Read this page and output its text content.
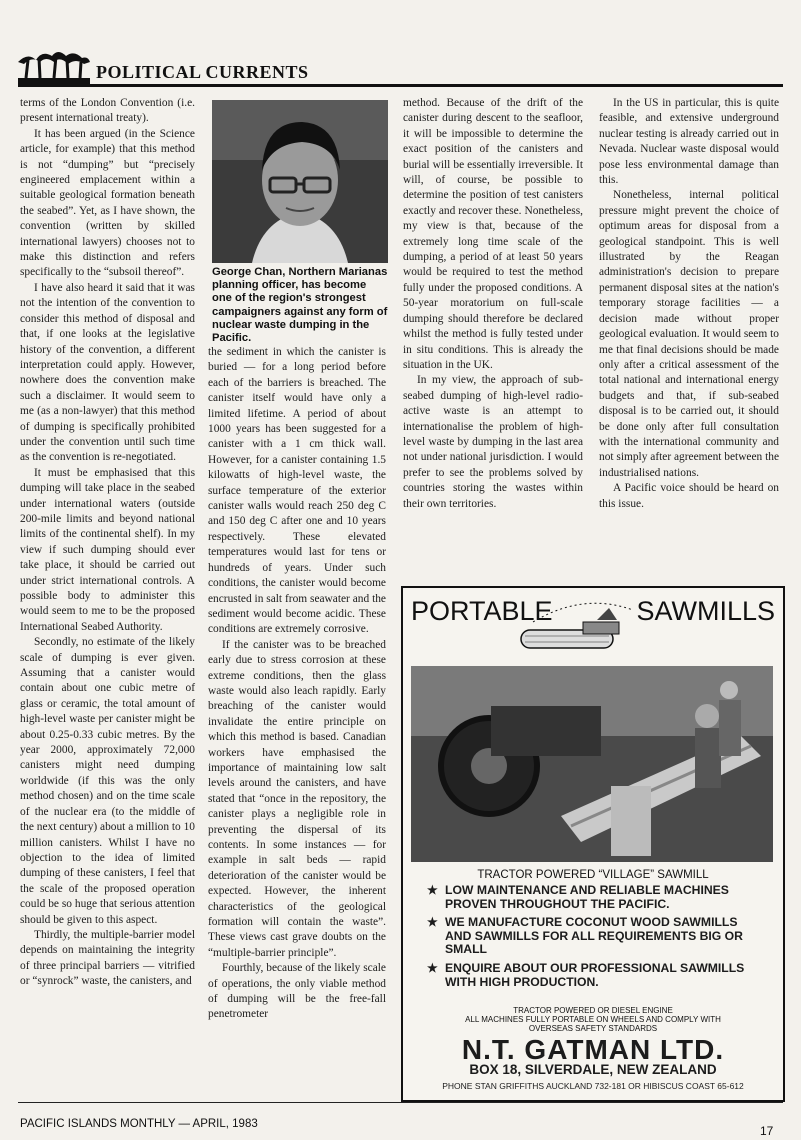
POLITICAL CURRENTS

terms of the London Convention (i.e. present international treaty).

It has been argued (in the Science article, for example) that this method is not “dumping” but “precisely engineered emplacement within a suitable geological formation beneath the seabed”. Yet, as I have shown, the convention (written by skilled international lawyers) chooses not to make this distinction and refers specifically to the “subsoil thereof”.

I have also heard it said that it was not the intention of the convention to consider this method of disposal and that, if one looks at the legislative history of the convention, a different interpretation could apply. However, nowhere does the convention make such a disclaimer. It would seem to me (as a non-lawyer) that this method of dumping is specifically prohibited under the convention until such time as the convention is re-negotiated.

It must be emphasised that this dumping will take place in the seabed under international waters (outside 200-mile limits and beyond national limits of the continental shelf). In my view if such dumping should ever take place, it should be carried out under strict international controls. A possible body to administer this would seem to me to be the proposed International Seabed Authority.

Secondly, no estimate of the likely scale of dumping is ever given. Assuming that a canister would contain about one cubic metre of glass or ceramic, the total amount of high-level waste per canister might be about 0.25-0.33 cubic metres. By the year 2000, approximately 72,000 canisters might need dumping worldwide (if this was the only method chosen) and on the time scale of the nuclear era (to the middle of the next century) about a million to 10 million canisters. Whilst I have no objection to the idea of limited dumping of these canisters, I feel that the scale of the proposed operation could be so huge that serious attention should be given to this aspect.

Thirdly, the multiple-barrier model depends on maintaining the integrity of three principal barriers — vitrified or “synrock” waste, the canisters, and

George Chan, Northern Marianas planning officer, has become one of the region's strongest campaigners against any form of nuclear waste dumping in the Pacific.

the sediment in which the canister is buried — for a long period before each of the barriers is breached. The canister itself would have only a limited lifetime. A period of about 1000 years has been suggested for a canister with a 1 cm thick wall. However, for a canister containing 1.5 kilowatts of high-level waste, the surface temperature of the exterior canister walls would reach 250 deg C and 150 deg C after one and 10 years respectively. These elevated temperatures would last for tens or hundreds of years. Under such conditions, the canister would become encrusted in salt from seawater and the sediment would become acidic. These conditions are extremely corrosive.

If the canister was to be breached early due to stress corrosion at these extreme conditions, then the glass waste would also leach rapidly. Early breaching of the canister would invalidate the entire principle on which this method is based. Canadian workers have emphasised the importance of maintaining low salt levels around the canisters, and have stated that “once in the repository, the canister plays a negligible role in preventing the dispersal of its contents. In some instances — for example in salt beds — rapid deterioration of the canister would be expected. However, the inherent characteristics of the geological formation will contain the waste”. These views cast grave doubts on the “multiple-barrier principle”.

Fourthly, because of the likely scale of operations, the only viable method of dumping will be the free-fall penetrometer

method. Because of the drift of the canister during descent to the seafloor, it will be impossible to determine the exact position of the canisters and burial will be essentially irreversible. It will, of course, be possible to determine the position of test canisters exactly and recover these. Nonetheless, my view is that, because of the extremely long time scale of the dumping, a period of at least 50 years would be required to test the method fully under the proposed conditions. A 50-year moratorium on full-scale dumping should therefore be declared whilst the method is fully tested under in situ conditions. This is already the situation in the UK.

In my view, the approach of sub-seabed dumping of high-level radio-active waste is an attempt to internationalise the problem of high-level waste by dumping in the last area not under national jurisdiction. I would prefer to see the problems solved by countries storing the wastes within their own territories.

In the US in particular, this is quite feasible, and extensive underground nuclear testing is already carried out in Nevada. Nuclear waste disposal would pose less environmental damage than this.

Nonetheless, internal political pressure might prevent the choice of optimum areas for disposal from a geological standpoint. This is well illustrated by the Reagan administration's decision to prepare permanent disposal sites at the nation's temporary storage facilities — a decision made without proper geological evaluation. It would seem to me that final decisions should be made only after a critical assessment of the total national and international energy budgets and that, if sub-seabed disposal is to be carried out, it should be done only after full consultation with the international community and not simply after agreement between the industrialised nations.

A Pacific voice should be heard on this issue.

PORTABLE	SAWMILLS
TRACTOR POWERED “VILLAGE” SAWMILL
★ LOW MAINTENANCE AND RELIABLE MACHINES PROVEN THROUGHOUT THE PACIFIC.
★ WE MANUFACTURE COCONUT WOOD SAWMILLS AND SAWMILLS FOR ALL REQUIREMENTS BIG OR SMALL
★ ENQUIRE ABOUT OUR PROFESSIONAL SAWMILLS WITH HIGH PRODUCTION.
TRACTOR POWERED OR DIESEL ENGINE
ALL MACHINES FULLY PORTABLE ON WHEELS AND COMPLY WITH
OVERSEAS SAFETY STANDARDS
N.T. GATMAN LTD.
BOX 18, SILVERDALE, NEW ZEALAND
PHONE STAN GRIFFITHS AUCKLAND 732-181 OR HIBISCUS COAST 65-612
PACIFIC ISLANDS MONTHLY — APRIL, 1983	17
